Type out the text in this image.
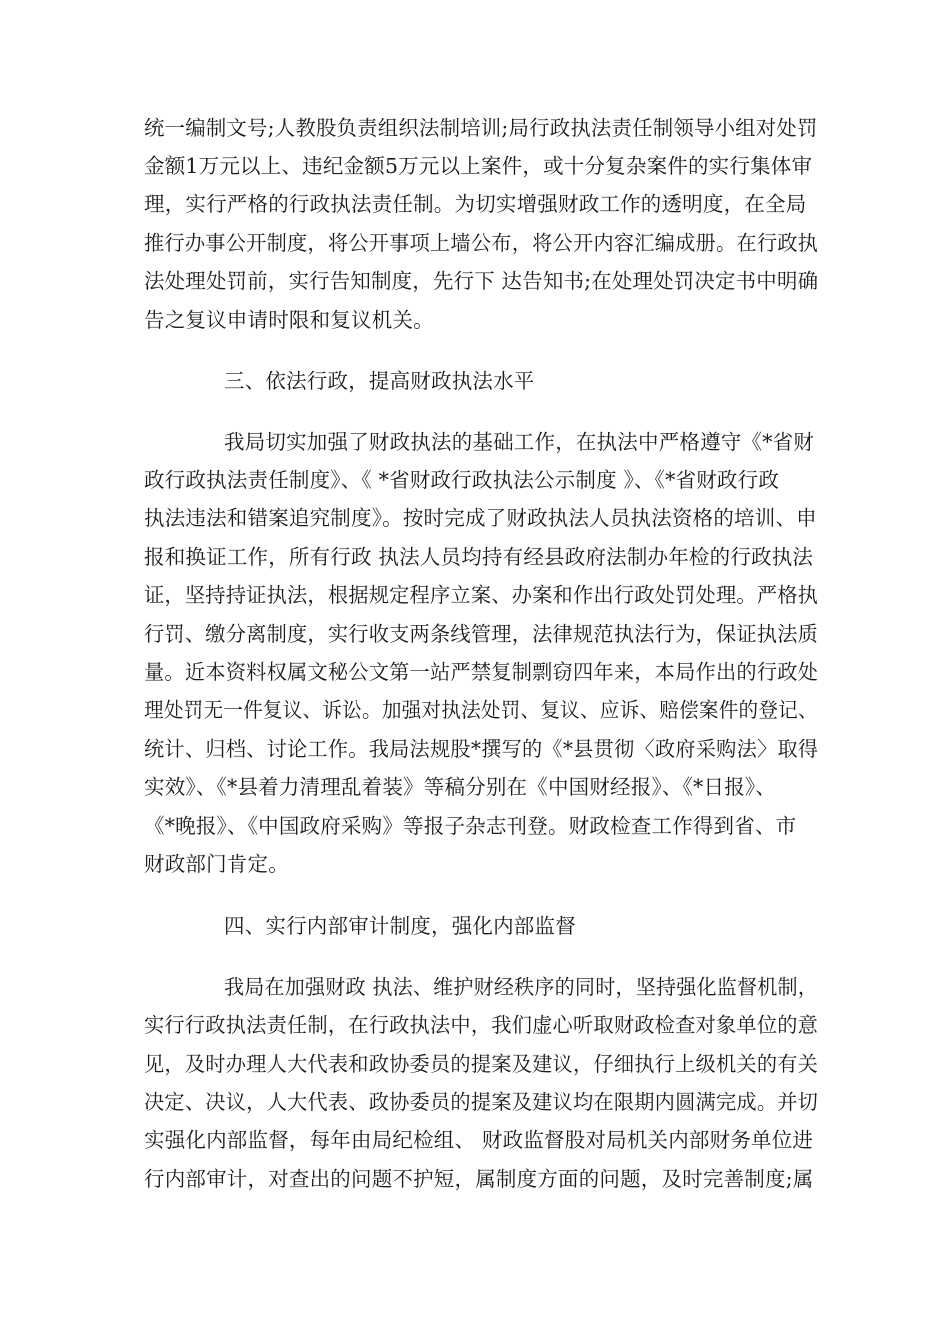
统一编制文号;人教股负责组织法制培训;局行政执法责任制领导小组对处罚
金额1万元以上、违纪金额5万元以上案件，或十分复杂案件的实行集体审
理，实行严格的行政执法责任制。为切实增强财政工作的透明度，在全局
推行办事公开制度，将公开事项上墙公布，将公开内容汇编成册。在行政执
法处理处罚前，实行告知制度，先行下 达告知书;在处理处罚决定书中明确
告之复议申请时限和复议机关。
三、依法行政，提高财政执法水平
我局切实加强了财政执法的基础工作，在执法中严格遵守《*省财
政行政执法责任制度》、《 *省财政行政执法公示制度 》、《*省财政行政
执法违法和错案追究制度》。按时完成了财政执法人员执法资格的培训、申
报和换证工作，所有行政 执法人员均持有经县政府法制办年检的行政执法
证，坚持持证执法，根据规定程序立案、办案和作出行政处罚处理。严格执
行罚、缴分离制度，实行收支两条线管理，法律规范执法行为，保证执法质
量。近本资料权属文秘公文第一站严禁复制剽窃四年来，本局作出的行政处
理处罚无一件复议、诉讼。加强对执法处罚、复议、应诉、赔偿案件的登记、
统计、归档、讨论工作。我局法规股*撰写的《*县贯彻〈政府采购法〉取得
实效》、《*县着力清理乱着装》等稿分别在《中国财经报》、《*日报》、
《*晚报》、《中国政府采购》等报子杂志刊登。财政检查工作得到省、市
财政部门肯定。
四、实行内部审计制度，强化内部监督
我局在加强财政 执法、维护财经秩序的同时，坚持强化监督机制，
实行行政执法责任制，在行政执法中，我们虚心听取财政检查对象单位的意
见，及时办理人大代表和政协委员的提案及建议，仔细执行上级机关的有关
决定、决议，人大代表、政协委员的提案及建议均在限期内圆满完成。并切
实强化内部监督，每年由局纪检组、 财政监督股对局机关内部财务单位进
行内部审计，对查出的问题不护短，属制度方面的问题，及时完善制度;属
